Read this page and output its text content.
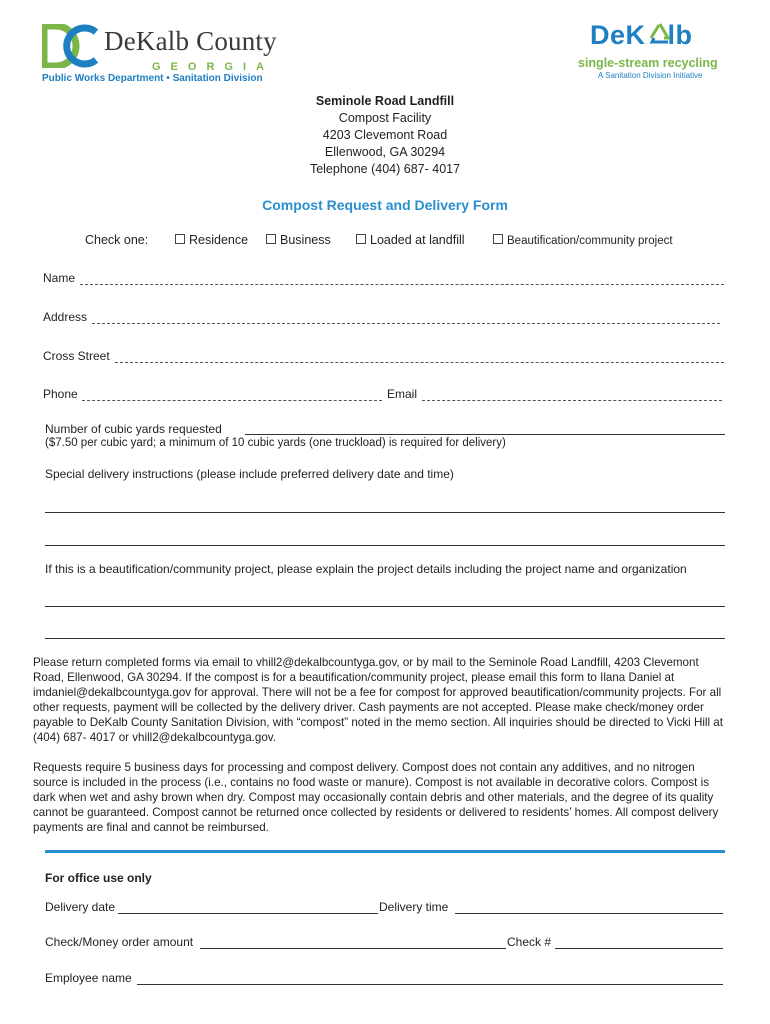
DeKalb County
GEORGIA
Public Works Department • Sanitation Division
DeK lb
single-stream recycling
A Sanitation Division Initiative
Seminole Road Landfill
Compost Facility
4203 Clevemont Road
Ellenwood, GA 30294
Telephone (404) 687- 4017
Compost Request and Delivery Form
Check one:	Residence	Business	Loaded at landfill	Beautification/community project
Name
Address
Cross Street
Phone	Email
Number of cubic yards requested
($7.50 per cubic yard; a minimum of 10 cubic yards (one truckload) is required for delivery)
Special delivery instructions (please include preferred delivery date and time)
If this is a beautification/community project, please explain the project details including the project name and organization
Please return completed forms via email to vhill2@dekalbcountyga.gov, or by mail to the Seminole Road Landfill, 4203 Clevemont Road, Ellenwood, GA 30294. If the compost is for a beautification/community project, please email this form to Ilana Daniel at imdaniel@dekalbcountyga.gov for approval. There will not be a fee for compost for approved beautification/community projects. For all other requests, payment will be collected by the delivery driver. Cash payments are not accepted. Please make check/money order payable to DeKalb County Sanitation Division, with “compost” noted in the memo section. All inquiries should be directed to Vicki Hill at (404) 687- 4017 or vhill2@dekalbcountyga.gov.
Requests require 5 business days for processing and compost delivery. Compost does not contain any additives, and no nitrogen source is included in the process (i.e., contains no food waste or manure). Compost is not available in decorative colors. Compost is dark when wet and ashy brown when dry. Compost may occasionally contain debris and other materials, and the degree of its quality cannot be guaranteed. Compost cannot be returned once collected by residents or delivered to residents’ homes. All compost delivery payments are final and cannot be reimbursed.
For office use only
Delivery date	Delivery time
Check/Money order amount	Check #
Employee name
